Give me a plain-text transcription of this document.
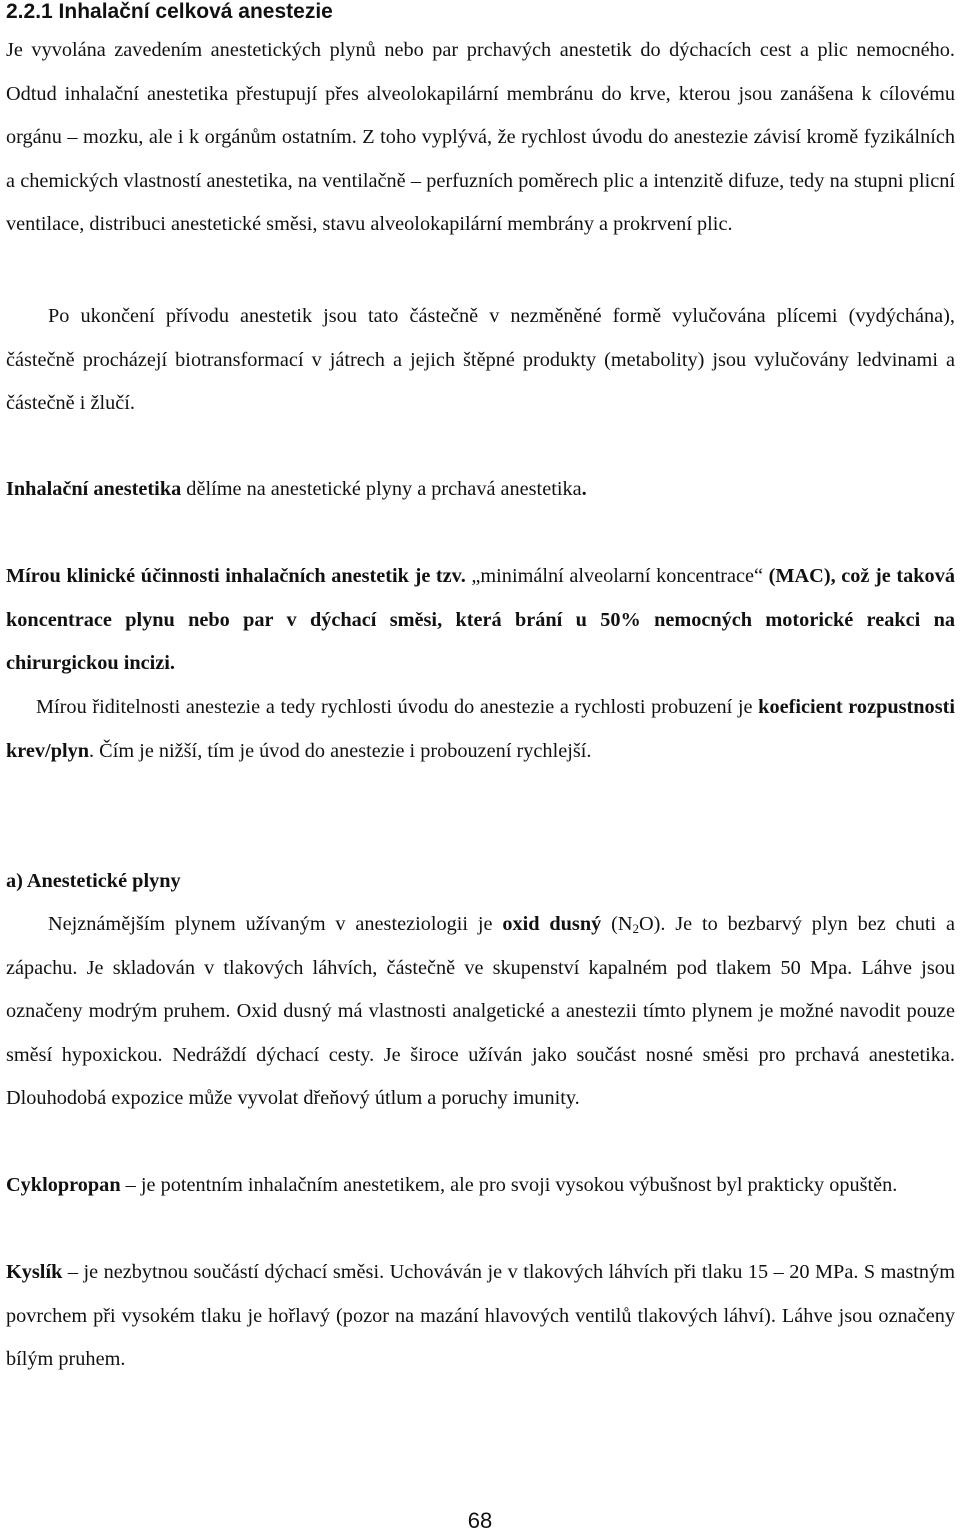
2.2.1 Inhalační celková anestezie

Je vyvolána zavedením anestetických plynů nebo par prchavých anestetik do dýchacích cest a plic nemocného. Odtud inhalační anestetika přestupují přes alveolokapilární membránu do krve, kterou jsou zanášena k cílovému orgánu – mozku, ale i k orgánům ostatním. Z toho vyplývá, že rychlost úvodu do anestezie závisí kromě fyzikálních a chemických vlastností anestetika, na ventilačně – perfuzních poměrech plic a intenzitě difuze, tedy na stupni plicní ventilace, distribuci anestetické směsi, stavu alveolokapilární membrány a prokrvení plic.

Po ukončení přívodu anestetik jsou tato částečně v nezměněné formě vylučována plícemi (vydýchána), částečně procházejí biotransformací v játrech a jejich štěpné produkty (metabolity) jsou vylučovány ledvinami a částečně i žlučí.

Inhalační anestetika dělíme na anestetické plyny a prchavá anestetika.

Mírou klinické účinnosti inhalačních anestetik je tzv. „minimální alveolarní koncentrace“ (MAC), což je taková koncentrace plynu nebo par v dýchací směsi, která brání u 50% nemocných motorické reakci na chirurgickou incizi.

Mírou řiditelnosti anestezie a tedy rychlosti úvodu do anestezie a rychlosti probuzení je koeficient rozpustnosti krev/plyn. Čím je nižší, tím je úvod do anestezie i probouzení rychlejší.

a) Anestetické plyny

Nejznámějším plynem užívaným v anesteziologii je oxid dusný $(N_2O)$. Je to bezbarvý plyn bez chuti a zápachu. Je skladován v tlakových láhvích, částečně ve skupenství kapalném pod tlakem 50 Mpa. Láhve jsou označeny modrým pruhem. Oxid dusný má vlastnosti analgetické a anestezii tímto plynem je možné navodit pouze směsí hypoxickou. Nedráždí dýchací cesty. Je široce užíván jako součást nosné směsi pro prchavá anestetika. Dlouhodobá expozice může vyvolat dřeňový útlum a poruchy imunity.

Cyklopropan – je potentním inhalačním anestetikem, ale pro svoji vysokou výbušnost byl prakticky opuštěn.

Kyslík – je nezbytnou součástí dýchací směsi. Uchováván je v tlakových láhvích při tlaku 15 – 20 MPa. S mastným povrchem při vysokém tlaku je hořlavý (pozor na mazání hlavových ventilů tlakových láhví). Láhve jsou označeny bílým pruhem.

68
